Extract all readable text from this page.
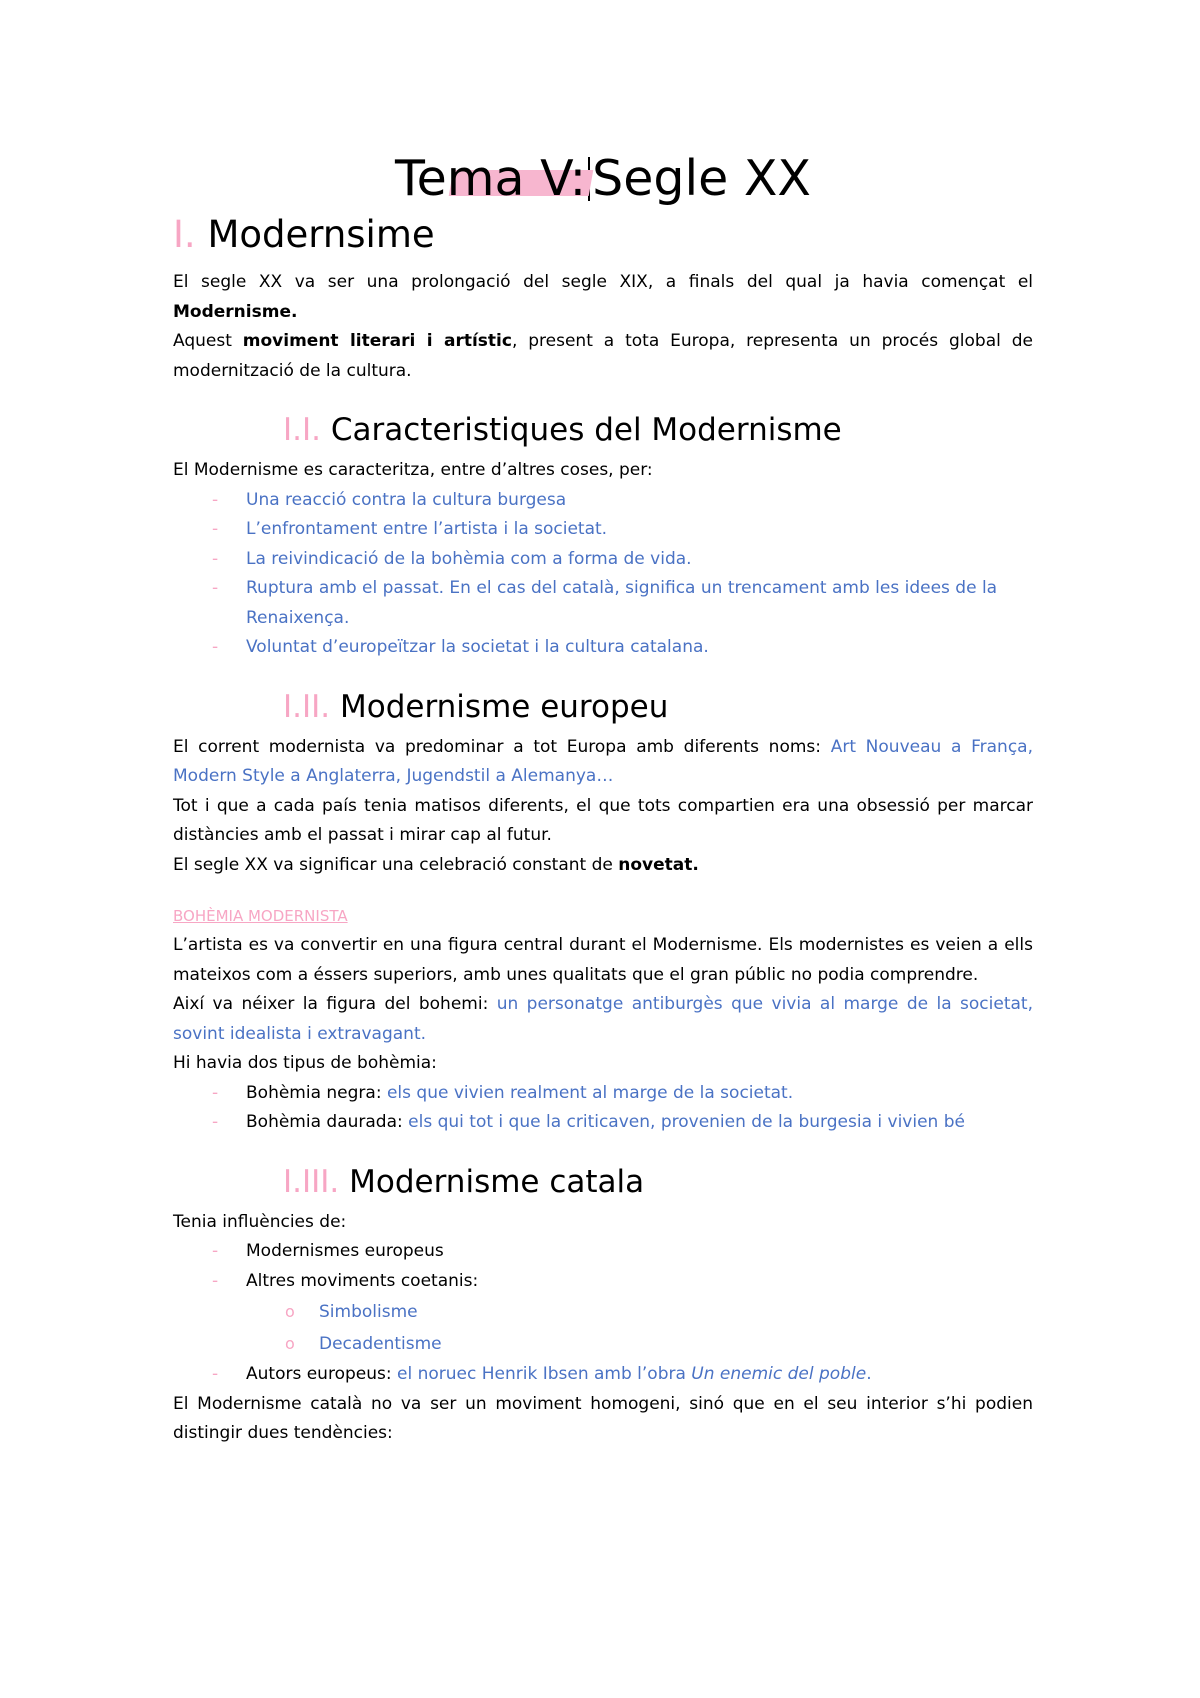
Tema V: Segle XX
I. Modernsime

El segle XX va ser una prolongació del segle XIX, a finals del qual ja havia començat el Modernisme.

Aquest moviment literari i artístic, present a tota Europa, representa un procés global de modernització de la cultura.

I.I. Caracteristiques del Modernisme

El Modernisme es caracteritza, entre d’altres coses, per:

- Una reacció contra la cultura burgesa
- L’enfrontament entre l’artista i la societat.
- La reivindicació de la bohèmia com a forma de vida.
- Ruptura amb el passat. En el cas del català, significa un trencament amb les idees de la Renaixença.
- Voluntat d’europeïtzar la societat i la cultura catalana.
I.II. Modernisme europeu

El corrent modernista va predominar a tot Europa amb diferents noms: Art Nouveau a França, Modern Style a Anglaterra, Jugendstil a Alemanya…

Tot i que a cada país tenia matisos diferents, el que tots compartien era una obsessió per marcar distàncies amb el passat i mirar cap al futur.

El segle XX va significar una celebració constant de novetat.

BOHÈMIA MODERNISTA

L’artista es va convertir en una figura central durant el Modernisme. Els modernistes es veien a ells mateixos com a éssers superiors, amb unes qualitats que el gran públic no podia comprendre.

Així va néixer la figura del bohemi: un personatge antiburgès que vivia al marge de la societat, sovint idealista i extravagant.

Hi havia dos tipus de bohèmia:

- Bohèmia negra: els que vivien realment al marge de la societat.
- Bohèmia daurada: els qui tot i que la criticaven, provenien de la burgesia i vivien bé
I.III. Modernisme catala

Tenia influències de:

- Modernismes europeus
- Altres moviments coetanis:
o Simbolisme
o Decadentisme
- Autors europeus: el noruec Henrik Ibsen amb l’obra Un enemic del poble.

El Modernisme català no va ser un moviment homogeni, sinó que en el seu interior s’hi podien distingir dues tendències:
